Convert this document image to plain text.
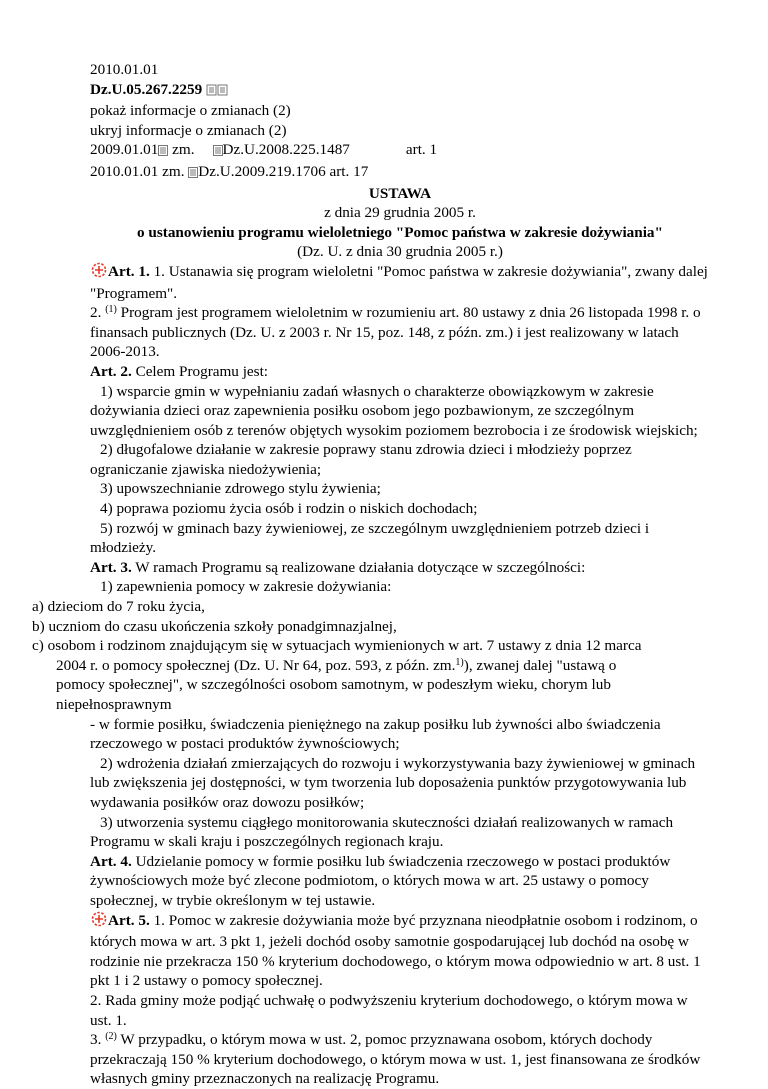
2010.01.01
Dz.U.05.267.2259
pokaż informacje o zmianach (2)
ukryj informacje o zmianach (2)
2009.01.01 zm. Dz.U.2008.225.1487	art. 1
2010.01.01 zm. Dz.U.2009.219.1706 art. 17
USTAWA
z dnia 29 grudnia 2005 r.
o ustanowieniu programu wieloletniego "Pomoc państwa w zakresie dożywiania"
(Dz. U. z dnia 30 grudnia 2005 r.)
Art. 1. 1. Ustanawia się program wieloletni "Pomoc państwa w zakresie dożywiania", zwany dalej "Programem".
2. $^{(1)}$ Program jest programem wieloletnim w rozumieniu art. 80 ustawy z dnia 26 listopada 1998 r. o finansach publicznych (Dz. U. z 2003 r. Nr 15, poz. 148, z późn. zm.) i jest realizowany w latach 2006-2013.
Art. 2. Celem Programu jest:
1) wsparcie gmin w wypełnianiu zadań własnych o charakterze obowiązkowym w zakresie dożywiania dzieci oraz zapewnienia posiłku osobom jego pozbawionym, ze szczególnym uwzględnieniem osób z terenów objętych wysokim poziomem bezrobocia i ze środowisk wiejskich;
2) długofalowe działanie w zakresie poprawy stanu zdrowia dzieci i młodzieży poprzez ograniczanie zjawiska niedożywienia;
3) upowszechnianie zdrowego stylu żywienia;
4) poprawa poziomu życia osób i rodzin o niskich dochodach;
5) rozwój w gminach bazy żywieniowej, ze szczególnym uwzględnieniem potrzeb dzieci i młodzieży.
Art. 3. W ramach Programu są realizowane działania dotyczące w szczególności:
1) zapewnienia pomocy w zakresie dożywiania:
a) dzieciom do 7 roku życia,
b) uczniom do czasu ukończenia szkoły ponadgimnazjalnej,
c) osobom i rodzinom znajdującym się w sytuacjach wymienionych w art. 7 ustawy z dnia 12 marca 2004 r. o pomocy społecznej (Dz. U. Nr 64, poz. 593, z późn. zm.$^{1)}$), zwanej dalej "ustawą o pomocy społecznej", w szczególności osobom samotnym, w podeszłym wieku, chorym lub niepełnosprawnym
- w formie posiłku, świadczenia pieniężnego na zakup posiłku lub żywności albo świadczenia rzeczowego w postaci produktów żywnościowych;
2) wdrożenia działań zmierzających do rozwoju i wykorzystywania bazy żywieniowej w gminach lub zwiększenia jej dostępności, w tym tworzenia lub doposażenia punktów przygotowywania lub wydawania posiłków oraz dowozu posiłków;
3) utworzenia systemu ciągłego monitorowania skuteczności działań realizowanych w ramach Programu w skali kraju i poszczególnych regionach kraju.
Art. 4. Udzielanie pomocy w formie posiłku lub świadczenia rzeczowego w postaci produktów żywnościowych może być zlecone podmiotom, o których mowa w art. 25 ustawy o pomocy społecznej, w trybie określonym w tej ustawie.
Art. 5. 1. Pomoc w zakresie dożywiania może być przyznana nieodpłatnie osobom i rodzinom, o których mowa w art. 3 pkt 1, jeżeli dochód osoby samotnie gospodarującej lub dochód na osobę w rodzinie nie przekracza 150 % kryterium dochodowego, o którym mowa odpowiednio w art. 8 ust. 1 pkt 1 i 2 ustawy o pomocy społecznej.
2. Rada gminy może podjąć uchwałę o podwyższeniu kryterium dochodowego, o którym mowa w ust. 1.
3. $^{(2)}$ W przypadku, o którym mowa w ust. 2, pomoc przyznawana osobom, których dochody przekraczają 150 % kryterium dochodowego, o którym mowa w ust. 1, jest finansowana ze środków własnych gminy przeznaczonych na realizację Programu.
